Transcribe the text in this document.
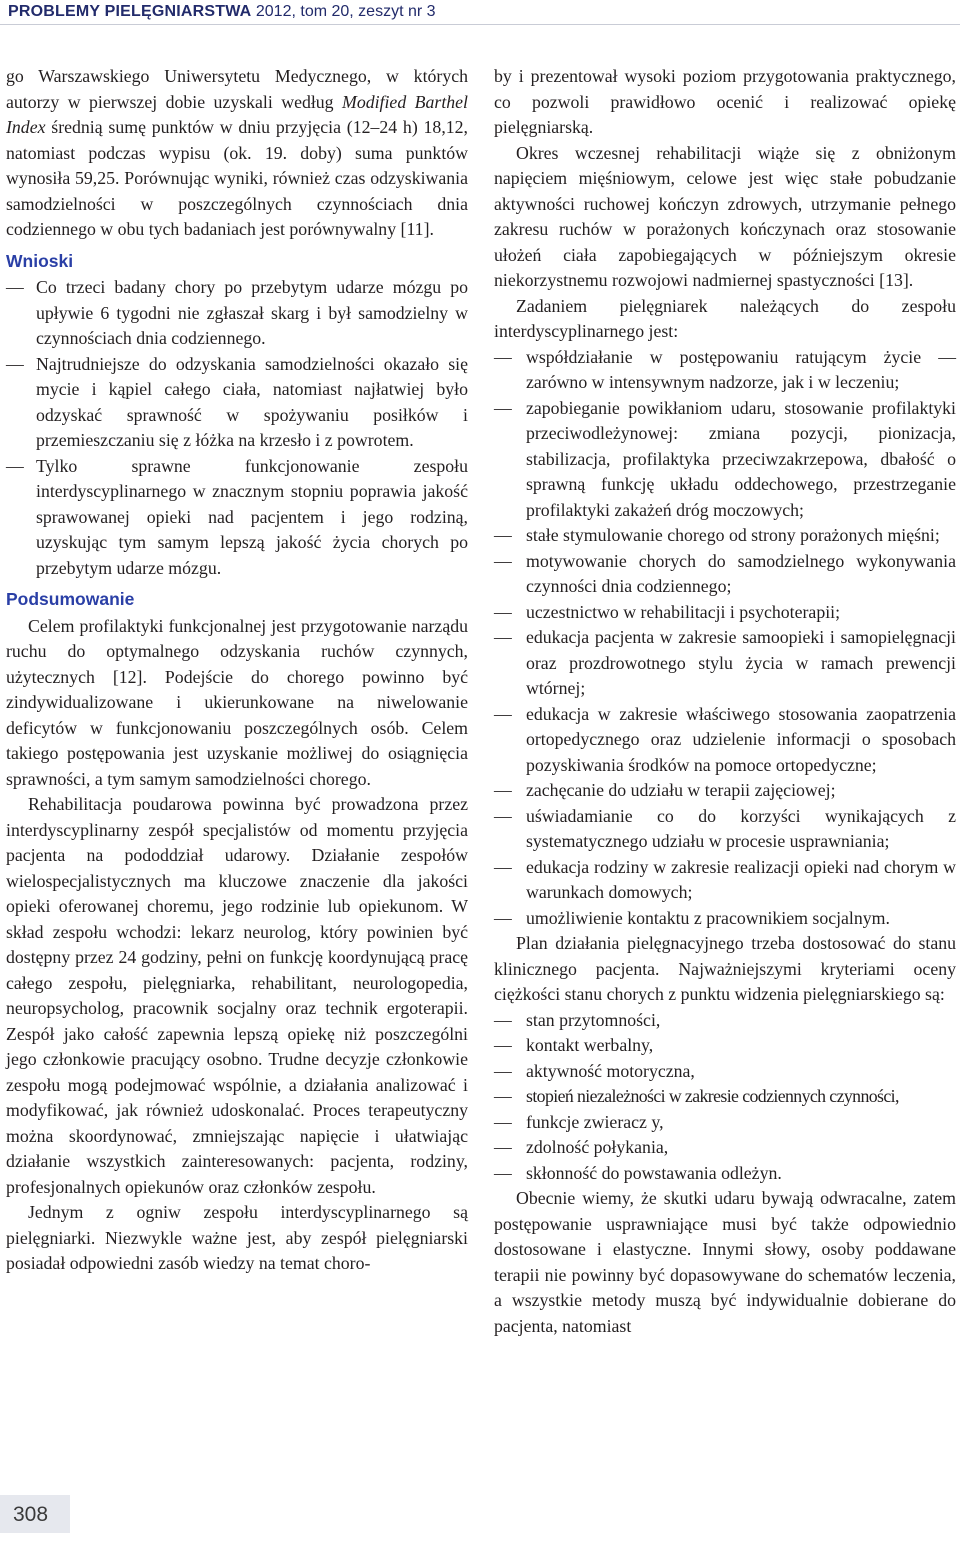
PROBLEMY PIELĘGNIARSTWA 2012, tom 20, zeszyt nr 3

go Warszawskiego Uniwersytetu Medycznego, w których autorzy w pierwszej dobie uzyskali według Modified Barthel Index średnią sumę punktów w dniu przyjęcia (12–24 h) 18,12, natomiast podczas wypisu (ok. 19. doby) suma punktów wynosiła 59,25. Porównując wyniki, również czas odzyskiwania samodzielności w poszczególnych czynnościach dnia codziennego w obu tych badaniach jest porównywalny [11].

Wnioski
— Co trzeci badany chory po przebytym udarze mózgu po upływie 6 tygodni nie zgłaszał skarg i był samodzielny w czynnościach dnia codziennego.
— Najtrudniejsze do odzyskania samodzielności okazało się mycie i kąpiel całego ciała, natomiast najłatwiej było odzyskać sprawność w spożywaniu posiłków i przemieszczaniu się z łóżka na krzesło i z powrotem.
— Tylko sprawne funkcjonowanie zespołu interdyscyplinarnego w znacznym stopniu poprawia jakość sprawowanej opieki nad pacjentem i jego rodziną, uzyskując tym samym lepszą jakość życia chorych po przebytym udarze mózgu.
Podsumowanie

Celem profilaktyki funkcjonalnej jest przygotowanie narządu ruchu do optymalnego odzyskania ruchów czynnych, użytecznych [12]. Podejście do chorego powinno być zindywidualizowane i ukierunkowane na niwelowanie deficytów w funkcjonowaniu poszczególnych osób. Celem takiego postępowania jest uzyskanie możliwej do osiągnięcia sprawności, a tym samym samodzielności chorego.

Rehabilitacja poudarowa powinna być prowadzona przez interdyscyplinarny zespół specjalistów od momentu przyjęcia pacjenta na pododdział udarowy. Działanie zespołów wielospecjalistycznych ma kluczowe znaczenie dla jakości opieki oferowanej choremu, jego rodzinie lub opiekunom. W skład zespołu wchodzi: lekarz neurolog, który powinien być dostępny przez 24 godziny, pełni on funkcję koordynującą pracę całego zespołu, pielęgniarka, rehabilitant, neurologopedia, neuropsycholog, pracownik socjalny oraz technik ergoterapii. Zespół jako całość zapewnia lepszą opiekę niż poszczególni jego członkowie pracujący osobno. Trudne decyzje członkowie zespołu mogą podejmować wspólnie, a działania analizować i modyfikować, jak również udoskonalać. Proces terapeutyczny można skoordynować, zmniejszając napięcie i ułatwiając działanie wszystkich zainteresowanych: pacjenta, rodziny, profesjonalnych opiekunów oraz członków zespołu.

Jednym z ogniw zespołu interdyscyplinarnego są pielęgniarki. Niezwykle ważne jest, aby zespół pielęgniarski posiadał odpowiedni zasób wiedzy na temat choro-

by i prezentował wysoki poziom przygotowania praktycznego, co pozwoli prawidłowo ocenić i realizować opiekę pielęgniarską.

Okres wczesnej rehabilitacji wiąże się z obniżonym napięciem mięśniowym, celowe jest więc stałe pobudzanie aktywności ruchowej kończyn zdrowych, utrzymanie pełnego zakresu ruchów w porażonych kończynach oraz stosowanie ułożeń ciała zapobiegających w późniejszym okresie niekorzystnemu rozwojowi nadmiernej spastyczności [13].

Zadaniem pielęgniarek należących do zespołu interdyscyplinarnego jest:

— współdziałanie w postępowaniu ratującym życie — zarówno w intensywnym nadzorze, jak i w leczeniu;
— zapobieganie powikłaniom udaru, stosowanie profilaktyki przeciwodleżynowej: zmiana pozycji, pionizacja, stabilizacja, profilaktyka przeciwzakrzepowa, dbałość o sprawną funkcję układu oddechowego, przestrzeganie profilaktyki zakażeń dróg moczowych;
— stałe stymulowanie chorego od strony porażonych mięśni;
— motywowanie chorych do samodzielnego wykonywania czynności dnia codziennego;
— uczestnictwo w rehabilitacji i psychoterapii;
— edukacja pacjenta w zakresie samoopieki i samopielęgnacji oraz prozdrowotnego stylu życia w ramach prewencji wtórnej;
— edukacja w zakresie właściwego stosowania zaopatrzenia ortopedycznego oraz udzielenie informacji o sposobach pozyskiwania środków na pomoce ortopedyczne;
— zachęcanie do udziału w terapii zajęciowej;
— uświadamianie co do korzyści wynikających z systematycznego udziału w procesie usprawniania;
— edukacja rodziny w zakresie realizacji opieki nad chorym w warunkach domowych;
— umożliwienie kontaktu z pracownikiem socjalnym.

Plan działania pielęgnacyjnego trzeba dostosować do stanu klinicznego pacjenta. Najważniejszymi kryteriami oceny ciężkości stanu chorych z punktu widzenia pielęgniarskiego są:

— stan przytomności,
— kontakt werbalny,
— aktywność motoryczna,
— stopień niezależności w zakresie codziennych czynności,
— funkcje zwieracz y,
— zdolność połykania,
— skłonność do powstawania odleżyn.

Obecnie wiemy, że skutki udaru bywają odwracalne, zatem postępowanie usprawniające musi być także odpowiednio dostosowane i elastyczne. Innymi słowy, osoby poddawane terapii nie powinny być dopasowywane do schematów leczenia, a wszystkie metody muszą być indywidualnie dobierane do pacjenta, natomiast

308
